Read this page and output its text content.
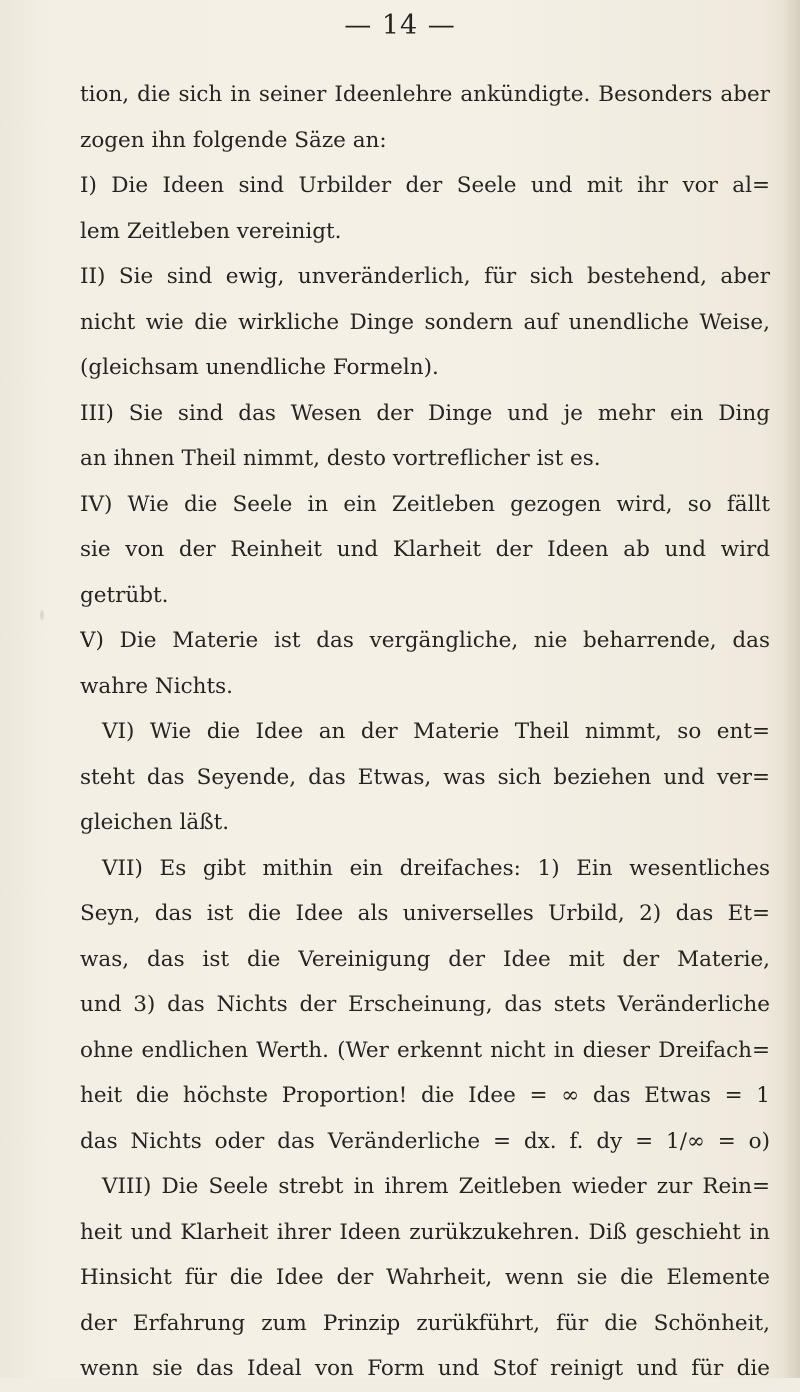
— 14 —
tion, die sich in seiner Ideenlehre ankündigte. Besonders aber
zogen ihn folgende Säze an:
I) Die Ideen sind Urbilder der Seele und mit ihr vor al=
lem Zeitleben vereinigt.
II) Sie sind ewig, unveränderlich, für sich bestehend, aber
nicht wie die wirkliche Dinge sondern auf unendliche Weise,
(gleichsam unendliche Formeln).
III) Sie sind das Wesen der Dinge und je mehr ein Ding
an ihnen Theil nimmt, desto vortreflicher ist es.
IV) Wie die Seele in ein Zeitleben gezogen wird, so fällt
sie von der Reinheit und Klarheit der Ideen ab und wird
getrübt.
V) Die Materie ist das vergängliche, nie beharrende, das
wahre Nichts.
VI) Wie die Idee an der Materie Theil nimmt, so ent=
steht das Seyende, das Etwas, was sich beziehen und ver=
gleichen läßt.
VII) Es gibt mithin ein dreifaches: 1) Ein wesentliches
Seyn, das ist die Idee als universelles Urbild, 2) das Et=
was, das ist die Vereinigung der Idee mit der Materie,
und 3) das Nichts der Erscheinung, das stets Veränderliche
ohne endlichen Werth. (Wer erkennt nicht in dieser Dreifach=
heit die höchste Proportion! die Idee = ∞ das Etwas = 1
das Nichts oder das Veränderliche = dx. f. dy = 1/∞ = o)
VIII) Die Seele strebt in ihrem Zeitleben wieder zur Rein=
heit und Klarheit ihrer Ideen zurükzukehren. Diß geschieht in
Hinsicht für die Idee der Wahrheit, wenn sie die Elemente
der Erfahrung zum Prinzip zurükführt, für die Schönheit,
wenn sie das Ideal von Form und Stof reinigt und für die
